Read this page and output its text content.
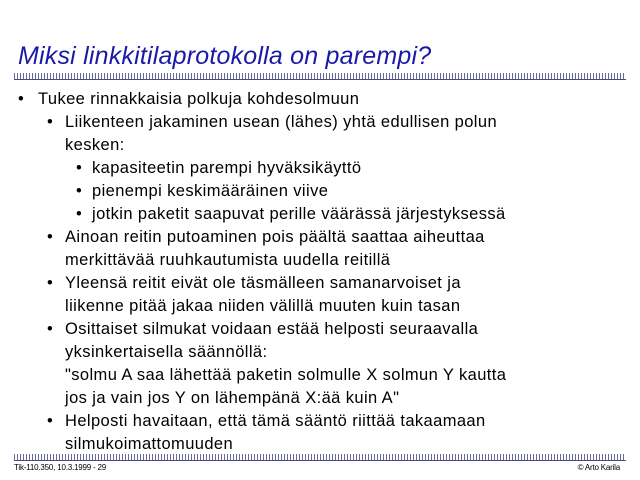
Miksi linkkitilaprotokolla on parempi?
• Tukee rinnakkaisia polkuja kohdesolmuun
• Liikenteen jakaminen usean (lähes) yhtä edullisen polun
kesken:
• kapasiteetin parempi hyväksikäyttö
• pienempi keskimääräinen viive
• jotkin paketit saapuvat perille väärässä järjestyksessä
• Ainoan reitin putoaminen pois päältä saattaa aiheuttaa
merkittävää ruuhkautumista uudella reitillä
• Yleensä reitit eivät ole täsmälleen samanarvoiset ja
liikenne pitää jakaa niiden välillä muuten kuin tasan
• Osittaiset silmukat voidaan estää helposti seuraavalla
yksinkertaisella säännöllä:
"solmu A saa lähettää paketin solmulle X solmun Y kautta
jos ja vain jos Y on lähempänä X:ää kuin A"
• Helposti havaitaan, että tämä sääntö riittää takaamaan
silmukoimattomuuden
Tik-110.350, 10.3.1999 - 29	© Arto Karila
